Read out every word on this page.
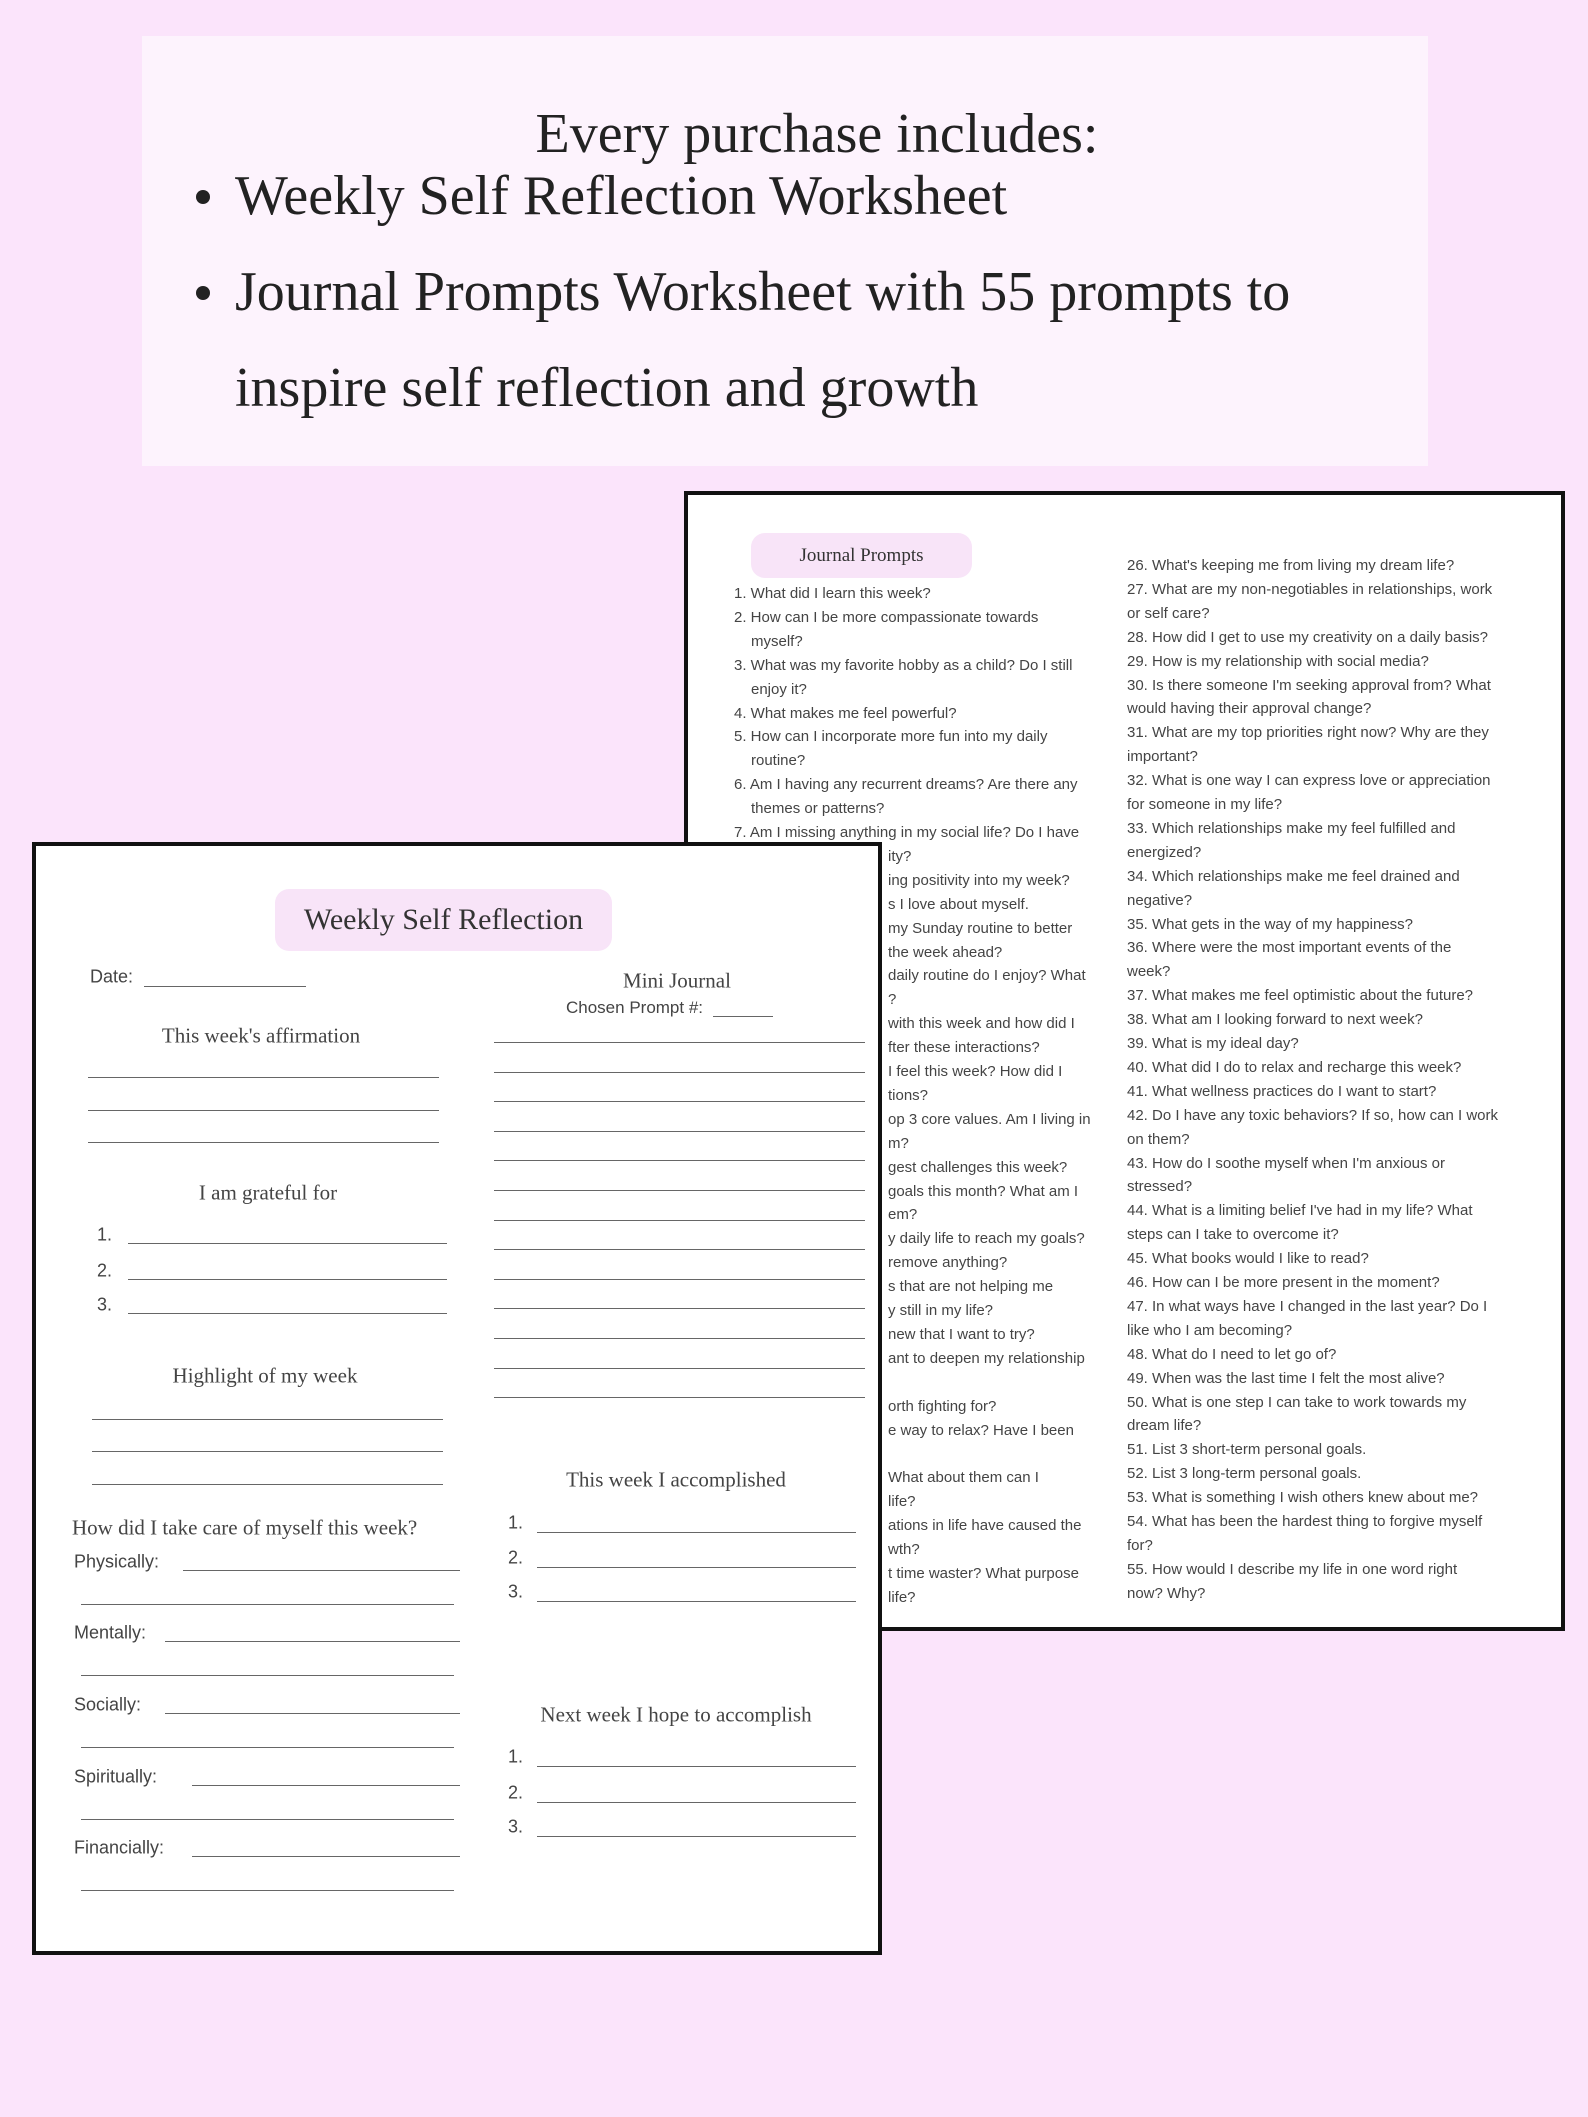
Every purchase includes:
Weekly Self Reflection Worksheet
Journal Prompts Worksheet with 55 prompts to
inspire self reflection and growth
Journal Prompts
1. What did I learn this week?
2. How can I be more compassionate towards
myself?
3. What was my favorite hobby as a child? Do I still
enjoy it?
4. What makes me feel powerful?
5. How can I incorporate more fun into my daily
routine?
6. Am I having any recurrent dreams? Are there any
themes or patterns?
7. Am I missing anything in my social life? Do I have
ity?
ing positivity into my week?
s I love about myself.
my Sunday routine to better
the week ahead?
daily routine do I enjoy? What
?
with this week and how did I
fter these interactions?
I feel this week? How did I
tions?
op 3 core values. Am I living in
m?
gest challenges this week?
goals this month? What am I
em?
y daily life to reach my goals?
remove anything?
s that are not helping me
y still in my life?
new that I want to try?
ant to deepen my relationship
orth fighting for?
e way to relax? Have I been
What about them can I
life?
ations in life have caused the
wth?
t time waster? What purpose
life?
26. What's keeping me from living my dream life?
27. What are my non-negotiables in relationships, work
or self care?
28. How did I get to use my creativity on a daily basis?
29. How is my relationship with social media?
30. Is there someone I'm seeking approval from? What
would having their approval change?
31. What are my top priorities right now? Why are they
important?
32. What is one way I can express love or appreciation
for someone in my life?
33. Which relationships make my feel fulfilled and
energized?
34. Which relationships make me feel drained and
negative?
35. What gets in the way of my happiness?
36. Where were the most important events of the
week?
37. What makes me feel optimistic about the future?
38. What am I looking forward to next week?
39. What is my ideal day?
40. What did I do to relax and recharge this week?
41. What wellness practices do I want to start?
42. Do I have any toxic behaviors? If so, how can I work
on them?
43. How do I soothe myself when I'm anxious or
stressed?
44. What is a limiting belief I've had in my life? What
steps can I take to overcome it?
45. What books would I like to read?
46. How can I be more present in the moment?
47. In what ways have I changed in the last year? Do I
like who I am becoming?
48. What do I need to let go of?
49. When was the last time I felt the most alive?
50. What is one step I can take to work towards my
dream life?
51. List 3 short-term personal goals.
52. List 3 long-term personal goals.
53. What is something I wish others knew about me?
54. What has been the hardest thing to forgive myself
for?
55. How would I describe my life in one word right
now? Why?
Weekly Self Reflection
Date:	Mini Journal
Chosen Prompt #:
This week's affirmation
I am grateful for
1.
2.
3.
Highlight of my week
How did I take care of myself this week?
Physically:
Mentally:
Socially:
Spiritually:
Financially:
This week I accomplished
1.
2.
3.
Next week I hope to accomplish
1.
2.
3.
